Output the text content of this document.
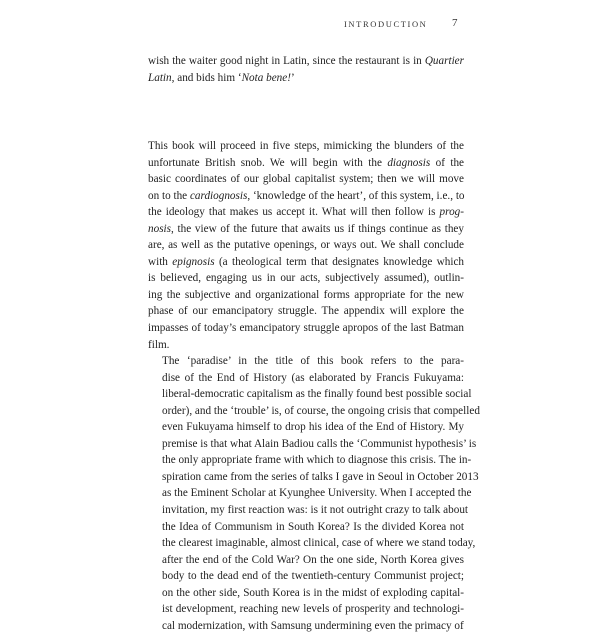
INTRODUCTION 7

wish the waiter good night in Latin, since the restaurant is in Quartier
Latin, and bids him ‘Nota bene!’

This book will proceed in five steps, mimicking the blunders of the
unfortunate British snob. We will begin with the diagnosis of the
basic coordinates of our global capitalist system; then we will move
on to the cardiognosis, ‘knowledge of the heart’, of this system, i.e., to
the ideology that makes us accept it. What will then follow is prog-
nosis, the view of the future that awaits us if things continue as they
are, as well as the putative openings, or ways out. We shall conclude
with epignosis (a theological term that designates knowledge which
is believed, engaging us in our acts, subjectively assumed), outlin-
ing the subjective and organizational forms appropriate for the new
phase of our emancipatory struggle. The appendix will explore the
impasses of today’s emancipatory struggle apropos of the last Batman
film.

The ‘paradise’ in the title of this book refers to the para-
dise of the End of History (as elaborated by Francis Fukuyama:
liberal-democratic capitalism as the finally found best possible social
order), and the ‘trouble’ is, of course, the ongoing crisis that compelled
even Fukuyama himself to drop his idea of the End of History. My
premise is that what Alain Badiou calls the ‘Communist hypothesis’ is
the only appropriate frame with which to diagnose this crisis. The in-
spiration came from the series of talks I gave in Seoul in October 2013
as the Eminent Scholar at Kyunghee University. When I accepted the
invitation, my first reaction was: is it not outright crazy to talk about
the Idea of Communism in South Korea? Is the divided Korea not
the clearest imaginable, almost clinical, case of where we stand today,
after the end of the Cold War? On the one side, North Korea gives
body to the dead end of the twentieth-century Communist project;
on the other side, South Korea is in the midst of exploding capital-
ist development, reaching new levels of prosperity and technologi-
cal modernization, with Samsung undermining even the primacy of
